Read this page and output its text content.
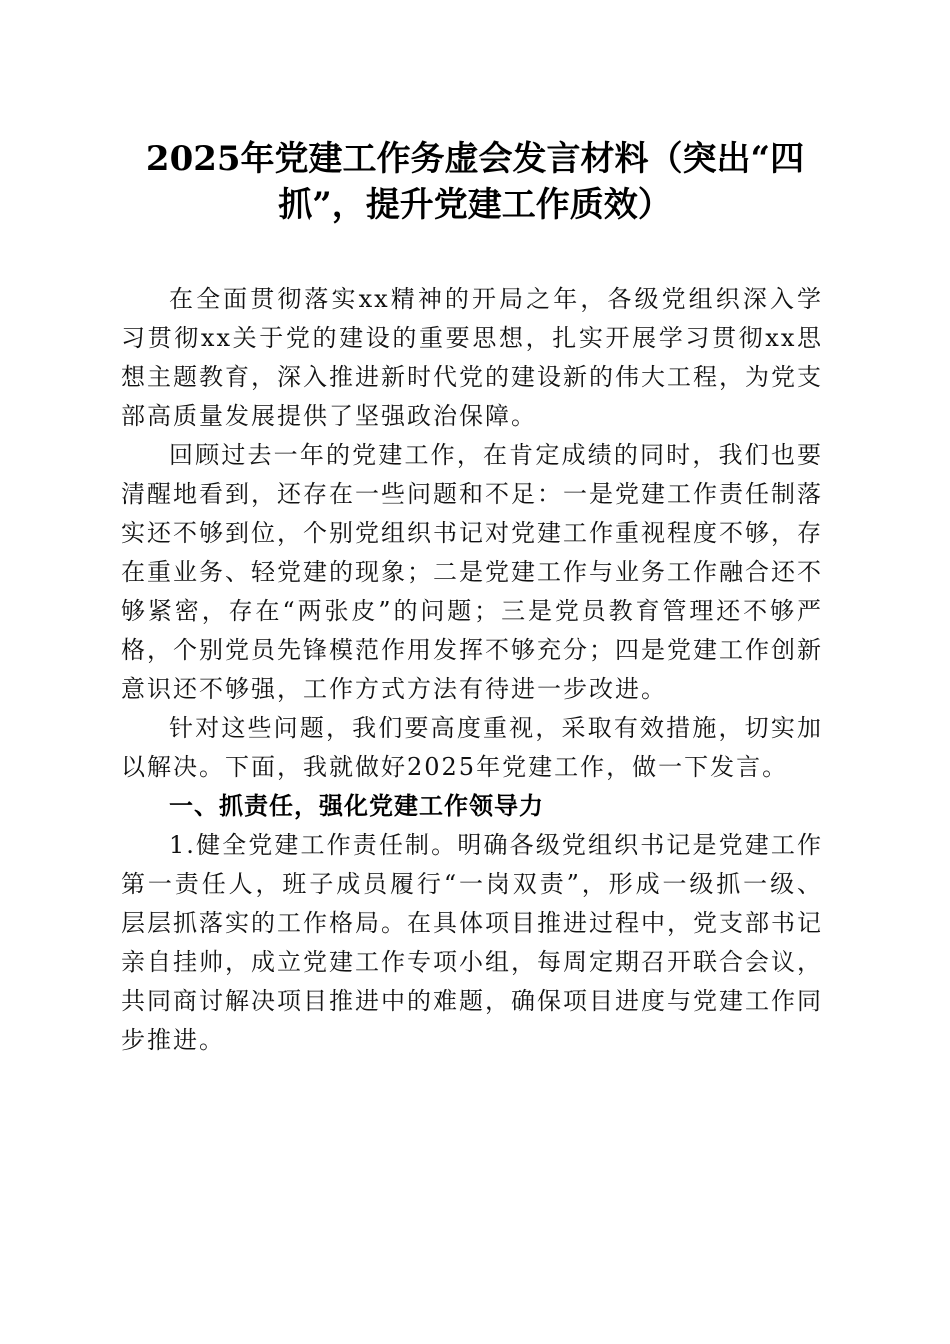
2025年党建工作务虚会发言材料（突出“四抓”，提升党建工作质效）

在全面贯彻落实xx精神的开局之年，各级党组织深入学习贯彻xx关于党的建设的重要思想，扎实开展学习贯彻xx思想主题教育，深入推进新时代党的建设新的伟大工程，为党支部高质量发展提供了坚强政治保障。

回顾过去一年的党建工作，在肯定成绩的同时，我们也要清醒地看到，还存在一些问题和不足：一是党建工作责任制落实还不够到位，个别党组织书记对党建工作重视程度不够，存在重业务、轻党建的现象；二是党建工作与业务工作融合还不够紧密，存在“两张皮”的问题；三是党员教育管理还不够严格，个别党员先锋模范作用发挥不够充分；四是党建工作创新意识还不够强，工作方式方法有待进一步改进。

针对这些问题，我们要高度重视，采取有效措施，切实加以解决。下面，我就做好2025年党建工作，做一下发言。

一、抓责任，强化党建工作领导力

1.健全党建工作责任制。明确各级党组织书记是党建工作第一责任人，班子成员履行“一岗双责”，形成一级抓一级、层层抓落实的工作格局。在具体项目推进过程中，党支部书记亲自挂帅，成立党建工作专项小组，每周定期召开联合会议，共同商讨解决项目推进中的难题，确保项目进度与党建工作同步推进。
